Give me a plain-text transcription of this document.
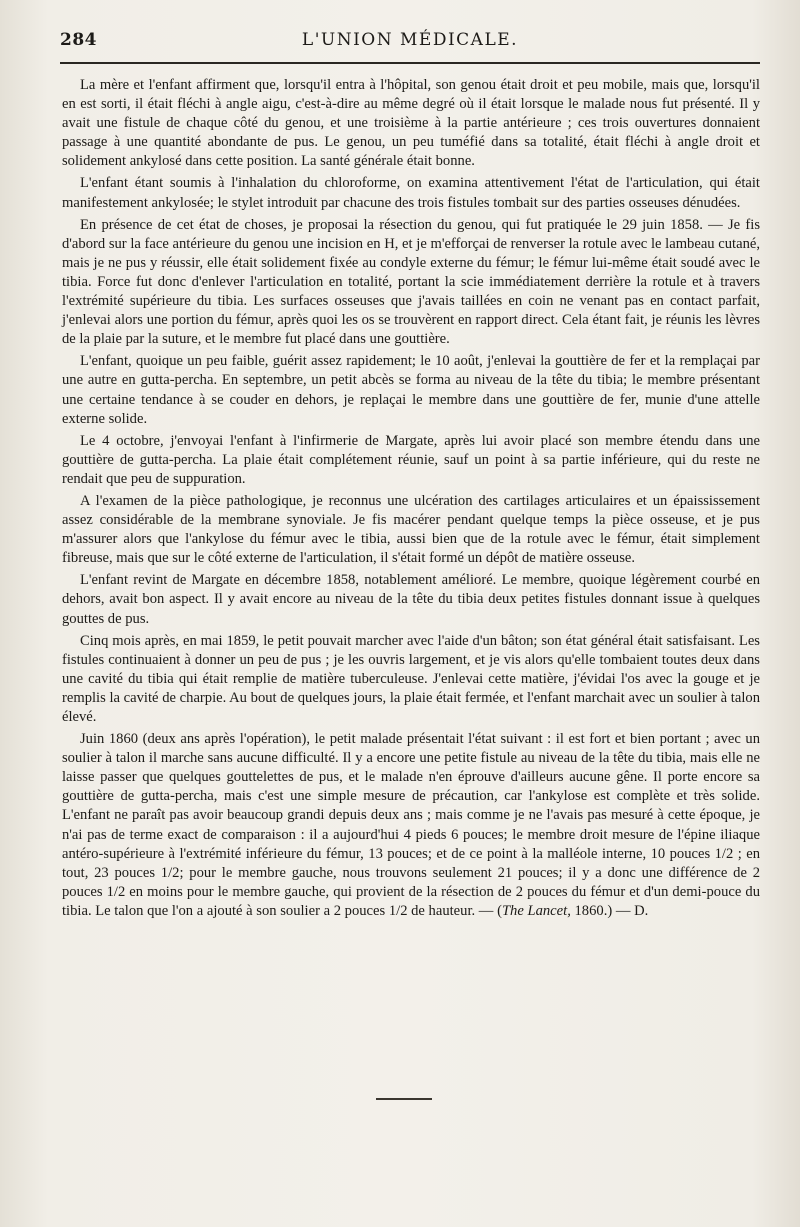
284	L'UNION MÉDICALE.

La mère et l'enfant affirment que, lorsqu'il entra à l'hôpital, son genou était droit et peu mobile, mais que, lorsqu'il en est sorti, il était fléchi à angle aigu, c'est-à-dire au même degré où il était lorsque le malade nous fut présenté. Il y avait une fistule de chaque côté du genou, et une troisième à la partie antérieure ; ces trois ouvertures donnaient passage à une quantité abondante de pus. Le genou, un peu tuméfié dans sa totalité, était fléchi à angle droit et solidement ankylosé dans cette position. La santé générale était bonne.

L'enfant étant soumis à l'inhalation du chloroforme, on examina attentivement l'état de l'articulation, qui était manifestement ankylosée; le stylet introduit par chacune des trois fistules tombait sur des parties osseuses dénudées.

En présence de cet état de choses, je proposai la résection du genou, qui fut pratiquée le 29 juin 1858. — Je fis d'abord sur la face antérieure du genou une incision en H, et je m'efforçai de renverser la rotule avec le lambeau cutané, mais je ne pus y réussir, elle était solidement fixée au condyle externe du fémur; le fémur lui-même était soudé avec le tibia. Force fut donc d'enlever l'articulation en totalité, portant la scie immédiatement derrière la rotule et à travers l'extrémité supérieure du tibia. Les surfaces osseuses que j'avais taillées en coin ne venant pas en contact parfait, j'enlevai alors une portion du fémur, après quoi les os se trouvèrent en rapport direct. Cela étant fait, je réunis les lèvres de la plaie par la suture, et le membre fut placé dans une gouttière.

L'enfant, quoique un peu faible, guérit assez rapidement; le 10 août, j'enlevai la gouttière de fer et la remplaçai par une autre en gutta-percha. En septembre, un petit abcès se forma au niveau de la tête du tibia; le membre présentant une certaine tendance à se couder en dehors, je replaçai le membre dans une gouttière de fer, munie d'une attelle externe solide.

Le 4 octobre, j'envoyai l'enfant à l'infirmerie de Margate, après lui avoir placé son membre étendu dans une gouttière de gutta-percha. La plaie était complétement réunie, sauf un point à sa partie inférieure, qui du reste ne rendait que peu de suppuration.

A l'examen de la pièce pathologique, je reconnus une ulcération des cartilages articulaires et un épaississement assez considérable de la membrane synoviale. Je fis macérer pendant quelque temps la pièce osseuse, et je pus m'assurer alors que l'ankylose du fémur avec le tibia, aussi bien que de la rotule avec le fémur, était simplement fibreuse, mais que sur le côté externe de l'articulation, il s'était formé un dépôt de matière osseuse.

L'enfant revint de Margate en décembre 1858, notablement amélioré. Le membre, quoique légèrement courbé en dehors, avait bon aspect. Il y avait encore au niveau de la tête du tibia deux petites fistules donnant issue à quelques gouttes de pus.

Cinq mois après, en mai 1859, le petit pouvait marcher avec l'aide d'un bâton; son état général était satisfaisant. Les fistules continuaient à donner un peu de pus ; je les ouvris largement, et je vis alors qu'elle tombaient toutes deux dans une cavité du tibia qui était remplie de matière tuberculeuse. J'enlevai cette matière, j'évidai l'os avec la gouge et je remplis la cavité de charpie. Au bout de quelques jours, la plaie était fermée, et l'enfant marchait avec un soulier à talon élevé.

Juin 1860 (deux ans après l'opération), le petit malade présentait l'état suivant : il est fort et bien portant ; avec un soulier à talon il marche sans aucune difficulté. Il y a encore une petite fistule au niveau de la tête du tibia, mais elle ne laisse passer que quelques gouttelettes de pus, et le malade n'en éprouve d'ailleurs aucune gêne. Il porte encore sa gouttière de gutta-percha, mais c'est une simple mesure de précaution, car l'ankylose est complète et très solide. L'enfant ne paraît pas avoir beaucoup grandi depuis deux ans ; mais comme je ne l'avais pas mesuré à cette époque, je n'ai pas de terme exact de comparaison : il a aujourd'hui 4 pieds 6 pouces; le membre droit mesure de l'épine iliaque antéro-supérieure à l'extrémité inférieure du fémur, 13 pouces; et de ce point à la malléole interne, 10 pouces 1/2 ; en tout, 23 pouces 1/2; pour le membre gauche, nous trouvons seulement 21 pouces; il y a donc une différence de 2 pouces 1/2 en moins pour le membre gauche, qui provient de la résection de 2 pouces du fémur et d'un demi-pouce du tibia. Le talon que l'on a ajouté à son soulier a 2 pouces 1/2 de hauteur. — (The Lancet, 1860.) — D.
